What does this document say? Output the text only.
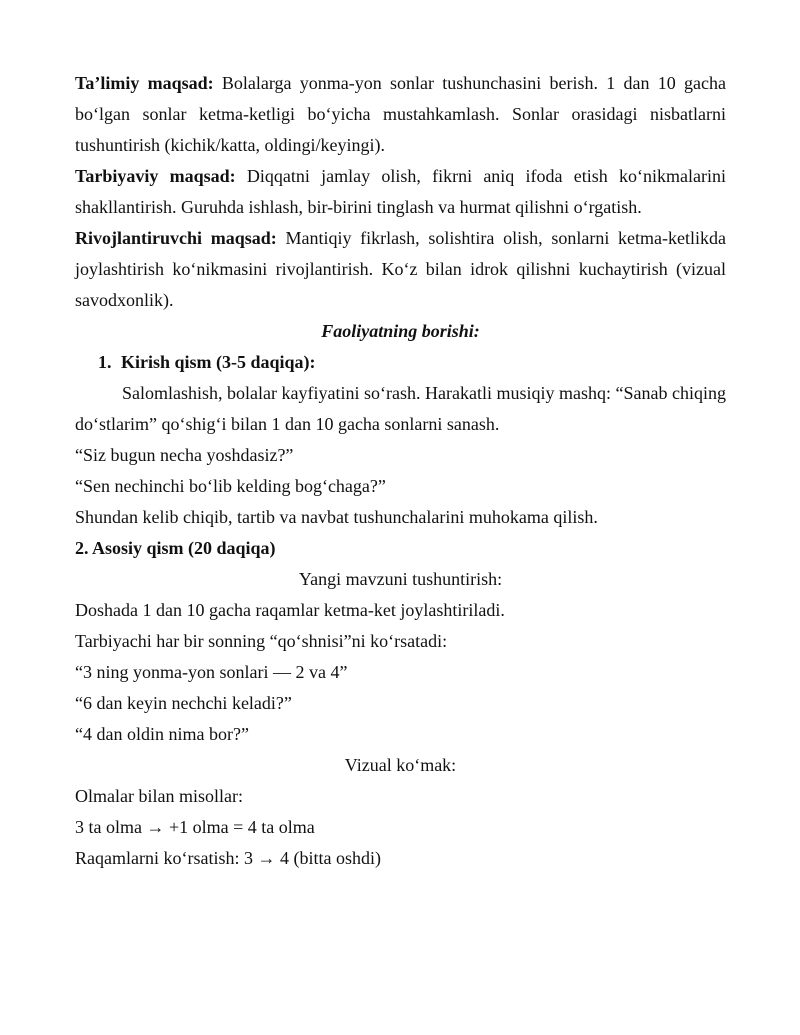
Ta’limiy maqsad: Bolalarga yonma-yon sonlar tushunchasini berish. 1 dan 10 gacha bo‘lgan sonlar ketma-ketligi bo‘yicha mustahkamlash. Sonlar orasidagi nisbatlarni tushuntirish (kichik/katta, oldingi/keyingi).

Tarbiyaviy maqsad: Diqqatni jamlay olish, fikrni aniq ifoda etish ko‘nikmalarini shakllantirish. Guruhda ishlash, bir-birini tinglash va hurmat qilishni o‘rgatish.

Rivojlantiruvchi maqsad: Mantiqiy fikrlash, solishtira olish, sonlarni ketma-ketlikda joylashtirish ko‘nikmasini rivojlantirish. Ko‘z bilan idrok qilishni kuchaytirish (vizual savodxonlik).

Faoliyatning borishi:

1. Kirish qism (3-5 daqiqa):

Salomlashish, bolalar kayfiyatini so‘rash. Harakatli musiqiy mashq: “Sanab chiqing do‘stlarim” qo‘shig‘i bilan 1 dan 10 gacha sonlarni sanash.

“Siz bugun necha yoshdasiz?”

“Sen nechinchi bo‘lib kelding bog‘chaga?”

Shundan kelib chiqib, tartib va navbat tushunchalarini muhokama qilish.

2. Asosiy qism (20 daqiqa)

Yangi mavzuni tushuntirish:

Doshada 1 dan 10 gacha raqamlar ketma-ket joylashtiriladi.

Tarbiyachi har bir sonning “qo‘shnisi”ni ko‘rsatadi:

“3 ning yonma-yon sonlari — 2 va 4”

“6 dan keyin nechchi keladi?”

“4 dan oldin nima bor?”

Vizual ko‘mak:

Olmalar bilan misollar:

3 ta olma → +1 olma = 4 ta olma

Raqamlarni ko‘rsatish: 3 → 4 (bitta oshdi)
